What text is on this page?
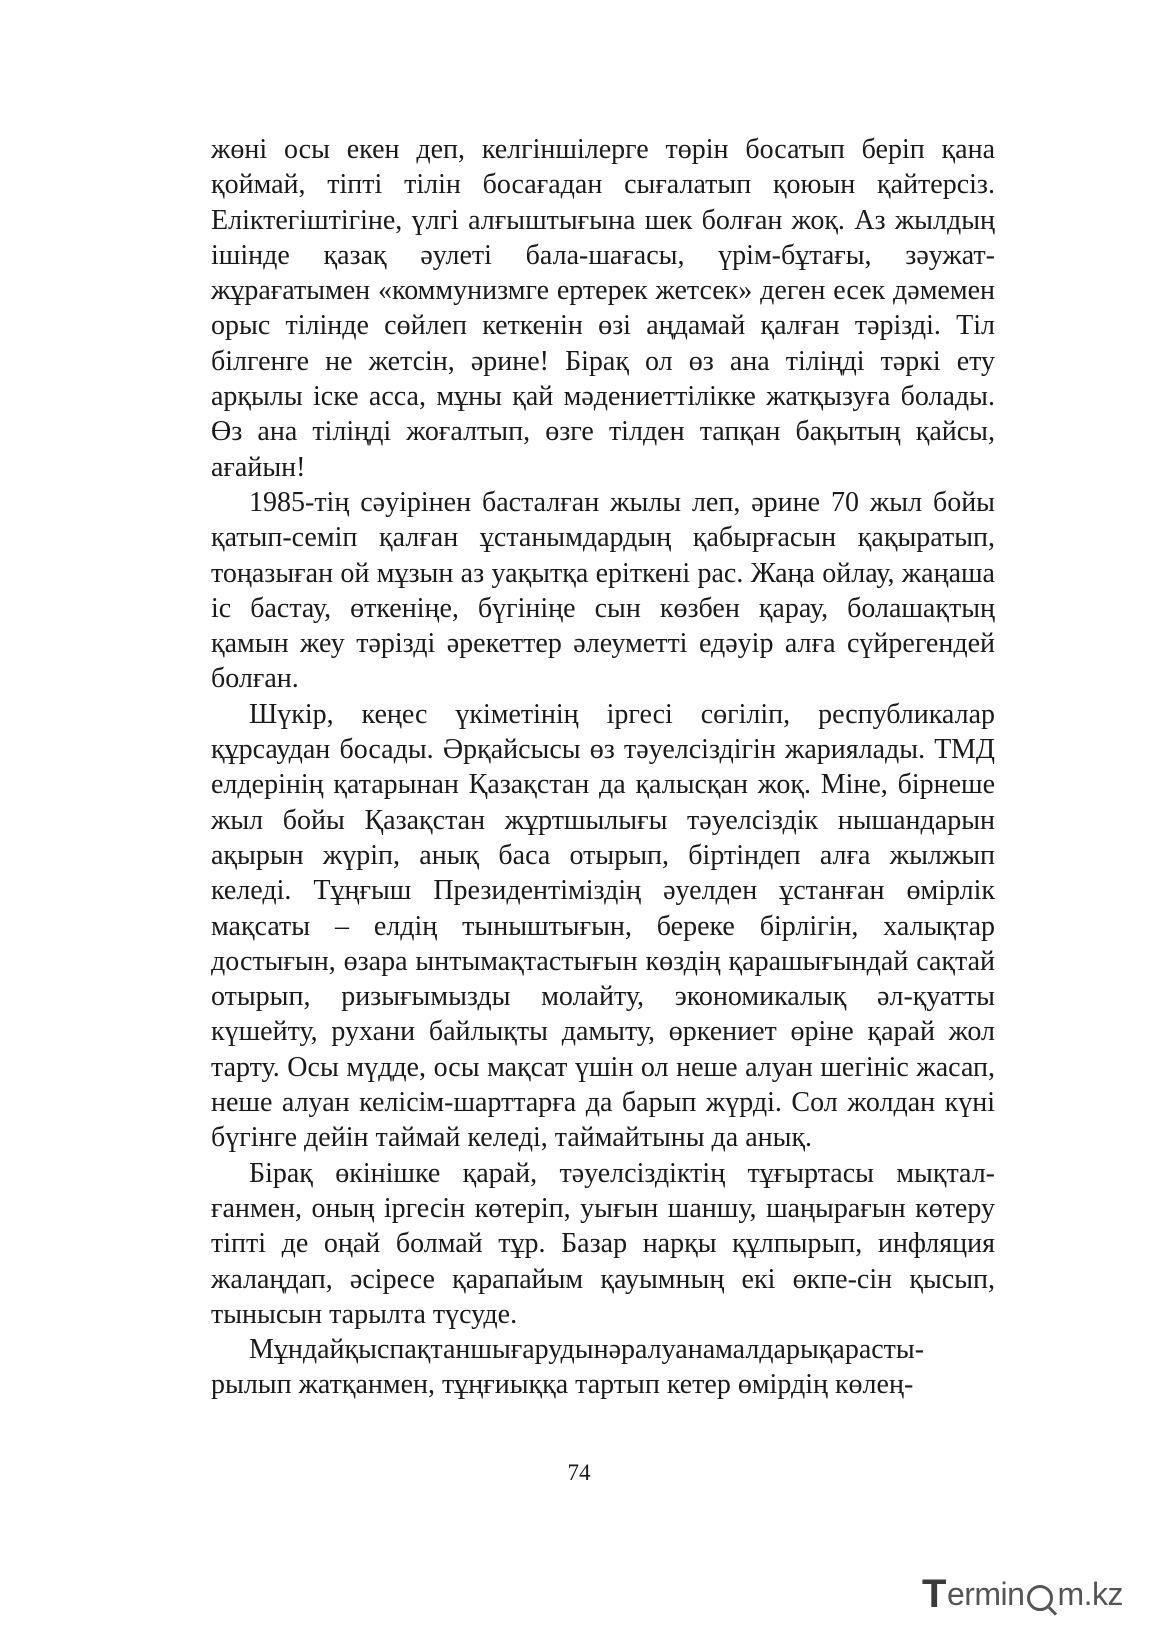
жөні осы екен деп, келгіншілерге төрін босатып беріп қана қоймай, тіпті тілін босағадан сығалатып қоюын қайтерсіз. Еліктегіштігіне, үлгі алғыштығына шек болған жоқ. Аз жылдың ішінде қазақ әулеті бала-шағасы, үрім-бұтағы, зәужат-жұрағатымен «коммунизмге ертерек жетсек» деген есек дәмемен орыс тілінде сөйлеп кеткенін өзі аңдамай қалған тәрізді. Тіл білгенге не жетсін, әрине! Бірақ ол өз ана тіліңді тәркі ету арқылы іске асса, мұны қай мәдениеттілікке жатқызуға болады. Өз ана тіліңді жоғалтып, өзге тілден тапқан бақытың қайсы, ағайын!

1985-тің сәуірінен басталған жылы леп, әрине 70 жыл бойы қатып-семіп қалған ұстанымдардың қабырғасын қақыратып, тоңазыған ой мұзын аз уақытқа ерiткені рас. Жаңа ойлау, жаңаша іс бастау, өткеніңе, бүгініңе сын көзбен қарау, болашақтың қамын жеу тәрізді әрекеттер әлеуметті едәуір алға сүйрегендей болған.

Шүкір, кеңес үкіметінің іргесі сөгіліп, республикалар құрсаудан босады. Әрқайсысы өз тәуелсіздігін жариялады. ТМД елдерінің қатарынан Қазақстан да қалысқан жоқ. Міне, бірнеше жыл бойы Қазақстан жұртшылығы тәуелсіздік нышандарын ақырын жүріп, анық баса отырып, біртіндеп алға жылжып келеді. Тұңғыш Президентіміздің әуелден ұстанған өмірлік мақсаты – елдің тыныштығын, береке бірлігін, халықтар достығын, өзара ынтымақтастығын көздің қарашығындай сақтай отырып, ризығымызды молайту, экономикалық әл-қуатты күшейту, рухани байлықты дамыту, өркениет өріне қарай жол тарту. Осы мүдде, осы мақсат үшін ол неше алуан шегініс жасап, неше алуан келісім-шарттарға да барып жүрді. Сол жолдан күні бүгінге дейін таймай келеді, таймайтыны да анық.

Бірақ өкінішке қарай, тәуелсіздіктің тұғыртасы мықтал-ғанмен, оның іргесін көтеріп, уығын шаншу, шаңырағын көтеру тіпті де оңай болмай тұр. Базар нарқы құлпырып, инфляция жалаңдап, әсіресе қарапайым қауымның екі өкпе-сін қысып, тынысын тарылта түсуде.

Мұндайқыспақтаншығарудынәралуанамалдарықарасты-рылып жатқанмен, тұңғиыққа тартып кетер өмірдің көлең-

74
T ermin m.kz
